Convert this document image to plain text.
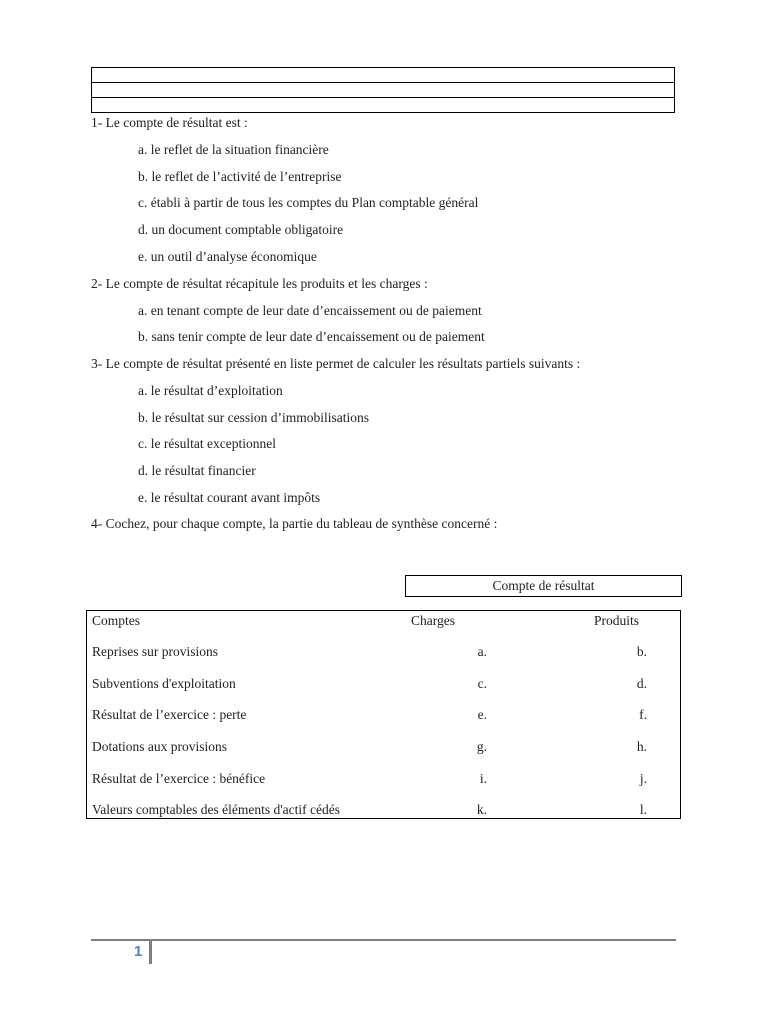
1- Le compte de résultat est :
a. le reflet de la situation financière
b. le reflet de l’activité de l’entreprise
c. établi à partir de tous les comptes du Plan comptable général
d. un document comptable obligatoire
e. un outil d’analyse économique
2- Le compte de résultat récapitule les produits et les charges :
a. en tenant compte de leur date d’encaissement ou de paiement
b. sans tenir compte de leur date d’encaissement ou de paiement
3- Le compte de résultat présenté en liste permet de calculer les résultats partiels suivants :
a. le résultat d’exploitation
b. le résultat sur cession d’immobilisations
c. le résultat exceptionnel
d. le résultat financier
e. le résultat courant avant impôts
4- Cochez, pour chaque compte, la partie du tableau de synthèse concerné :
Compte de résultat
Comptes	Charges	Produits
Reprises sur provisions	a.	b.
Subventions d'exploitation	c.	d.
Résultat de l’exercice : perte	e.	f.
Dotations aux provisions	g.	h.
Résultat de l’exercice : bénéfice	i.	j.
Valeurs comptables des éléments d'actif cédés	k.	l.
1
